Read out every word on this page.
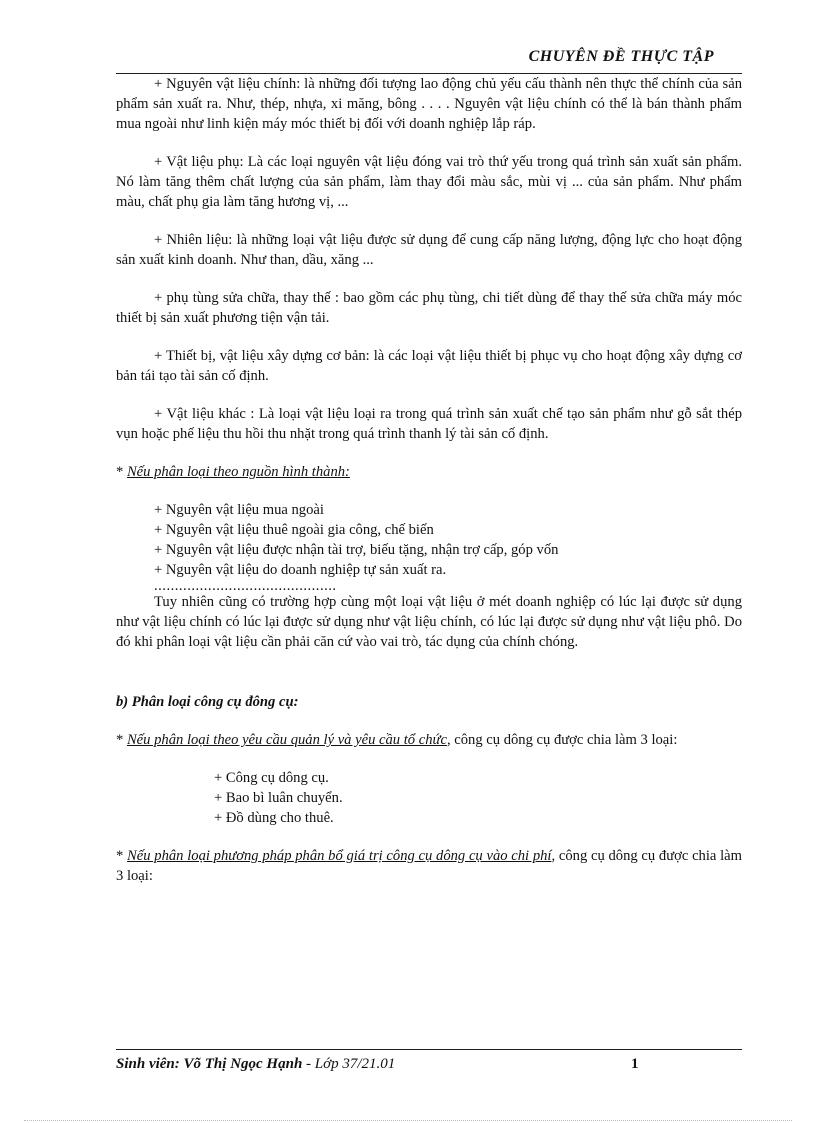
CHUYÊN ĐỀ THỰC TẬP

+ Nguyên vật liệu chính: là những đối tượng lao động chủ yếu cấu thành nên thực thể chính của sản phẩm sản xuất ra. Như, thép, nhựa, xi măng, bông . . . . Nguyên vật liệu chính có thể là bán thành phẩm mua ngoài như linh kiện máy móc thiết bị đối với doanh nghiệp lắp ráp.

+ Vật liệu phụ: Là các loại nguyên vật liệu đóng vai trò thứ yếu trong quá trình sản xuất sản phẩm. Nó làm tăng thêm chất lượng của sản phẩm, làm thay đổi màu sắc, mùi vị ... của sản phẩm. Như phẩm màu, chất phụ gia làm tăng hương vị, ...

+ Nhiên liệu: là những loại vật liệu được sử dụng để cung cấp năng lượng, động lực cho hoạt động sản xuất kinh doanh. Như than, dầu, xăng ...

+ phụ tùng sửa chữa, thay thế : bao gồm các phụ tùng, chi tiết dùng để thay thế sửa chữa máy móc thiết bị sản xuất phương tiện vận tải.

+ Thiết bị, vật liệu xây dựng cơ bản: là các loại vật liệu thiết bị phục vụ cho hoạt động xây dựng cơ bản tái tạo tài sản cố định.

+ Vật liệu khác : Là loại vật liệu loại ra trong quá trình sản xuất chế tạo sản phẩm như gỗ sắt thép vụn hoặc phế liệu thu hồi thu nhặt trong quá trình thanh lý tài sản cố định.

* Nếu phân loại theo nguồn hình thành:

+ Nguyên vật liệu mua ngoài
+ Nguyên vật liệu thuê ngoài gia công, chế biến
+ Nguyên vật liệu được nhận tài trợ, biếu tặng, nhận trợ cấp, góp vốn
+ Nguyên vật liệu do doanh nghiệp tự sản xuất ra.
............................................

Tuy nhiên cũng có trường hợp cùng một loại vật liệu ở mét doanh nghiệp có lúc lại được sử dụng như vật liệu chính có lúc lại được sử dụng như vật liệu chính, có lúc lại được sử dụng như vật liệu phô. Do đó khi phân loại vật liệu cần phải căn cứ vào vai trò, tác dụng của chính chóng.

b) Phân loại công cụ đông cụ:

* Nếu phân loại theo yêu cầu quản lý và yêu cầu tổ chức, công cụ dông cụ được chia làm 3 loại:

+ Công cụ dông cụ.
+ Bao bì luân chuyển.
+ Đồ dùng cho thuê.

* Nếu phân loại phương pháp phân bổ giá trị công cụ dông cụ vào chi phí, công cụ dông cụ được chia làm 3 loại:

Sinh viên: Võ Thị Ngọc Hạnh - Lớp 37/21.01	1
